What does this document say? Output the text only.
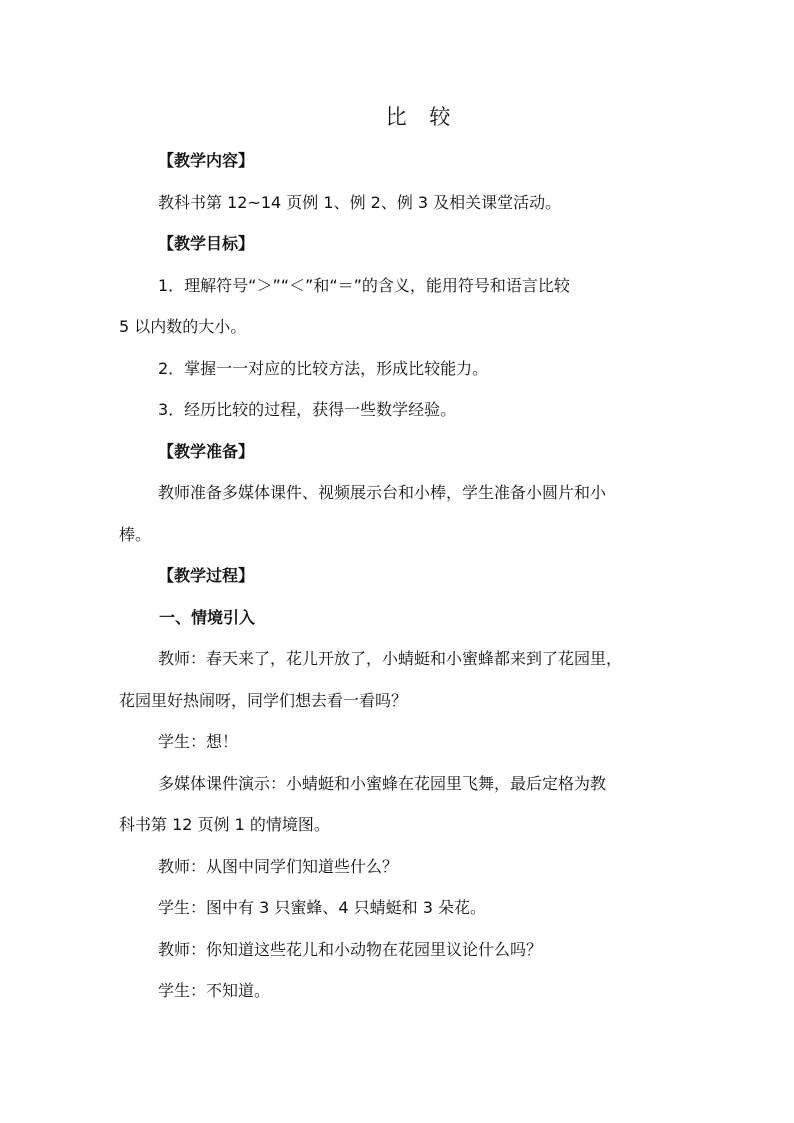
比 较
【教学内容】
教科书第 12~14 页例 1、例 2、例 3 及相关课堂活动。
【教学目标】
1．理解符号“＞”“＜”和“＝”的含义，能用符号和语言比较
5 以内数的大小。
2．掌握一一对应的比较方法，形成比较能力。
3．经历比较的过程，获得一些数学经验。
【教学准备】
教师准备多媒体课件、视频展示台和小棒，学生准备小圆片和小
棒。
【教学过程】
一、情境引入
教师：春天来了，花儿开放了，小蜻蜓和小蜜蜂都来到了花园里，
花园里好热闹呀，同学们想去看一看吗？
学生：想！
多媒体课件演示：小蜻蜓和小蜜蜂在花园里飞舞，最后定格为教
科书第 12 页例 1 的情境图。
教师：从图中同学们知道些什么？
学生：图中有 3 只蜜蜂、4 只蜻蜓和 3 朵花。
教师：你知道这些花儿和小动物在花园里议论什么吗？
学生：不知道。
